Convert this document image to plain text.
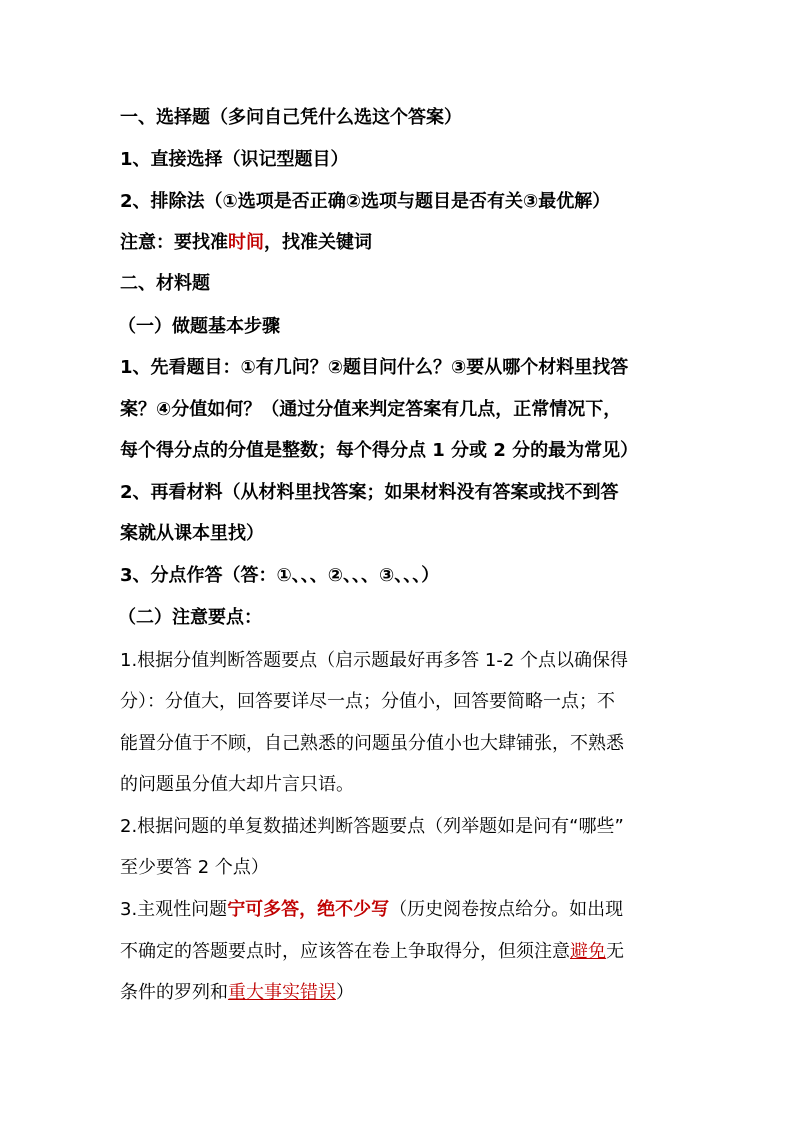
一、选择题（多问自己凭什么选这个答案）
1、直接选择（识记型题目）
2、排除法（①选项是否正确②选项与题目是否有关③最优解）
注意：要找准时间，找准关键词
二、材料题
（一）做题基本步骤
1、先看题目：①有几问？②题目问什么？③要从哪个材料里找答
案？④分值如何？（通过分值来判定答案有几点，正常情况下，
每个得分点的分值是整数；每个得分点 1 分或 2 分的最为常见）
2、再看材料（从材料里找答案；如果材料没有答案或找不到答
案就从课本里找）
3、分点作答（答：①、、、②、、、③、、、）
（二）注意要点：
1.根据分值判断答题要点（启示题最好再多答 1-2 个点以确保得
分）：分值大，回答要详尽一点；分值小，回答要简略一点；不
能置分值于不顾，自己熟悉的问题虽分值小也大肆铺张，不熟悉
的问题虽分值大却片言只语。
2.根据问题的单复数描述判断答题要点（列举题如是问有“哪些”
至少要答 2 个点）
3.主观性问题宁可多答，绝不少写（历史阅卷按点给分。如出现
不确定的答题要点时，应该答在卷上争取得分，但须注意避免无
条件的罗列和重大事实错误）
